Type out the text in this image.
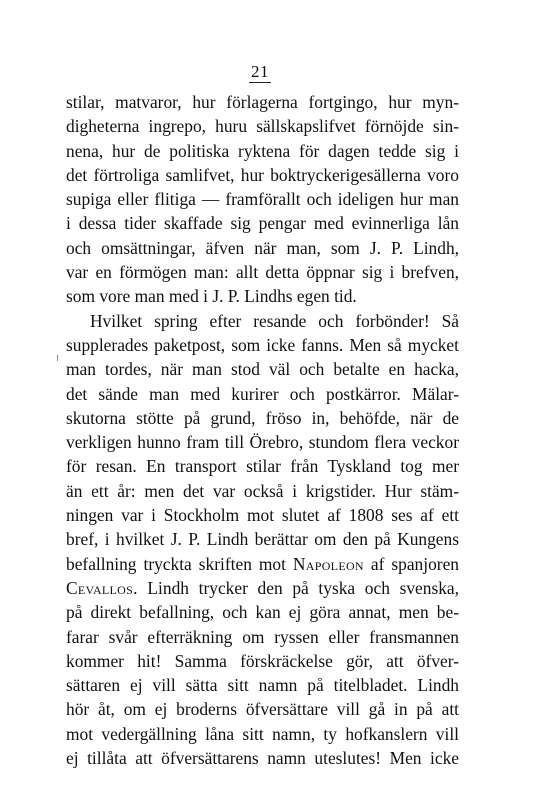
21
stilar, matvaror, hur förlagerna fortgingo, hur myn-
digheterna ingrepo, huru sällskapslifvet förnöjde sin-
nena, hur de politiska ryktena för dagen tedde sig i
det förtroliga samlifvet, hur boktryckerigesällerna voro
supiga eller flitiga — framförallt och ideligen hur man
i dessa tider skaffade sig pengar med evinnerliga lån
och omsättningar, äfven när man, som J. P. Lindh,
var en förmögen man: allt detta öppnar sig i brefven,
som vore man med i J. P. Lindhs egen tid.
Hvilket spring efter resande och forbönder! Så
supplerades paketpost, som icke fanns. Men så mycket
man tordes, när man stod väl och betalte en hacka,
det sände man med kurirer och postkärror. Mälar-
skutorna stötte på grund, fröso in, behöfde, när de
verkligen hunno fram till Örebro, stundom flera veckor
för resan. En transport stilar från Tyskland tog mer
än ett år: men det var också i krigstider. Hur stäm-
ningen var i Stockholm mot slutet af 1808 ses af ett
bref, i hvilket J. P. Lindh berättar om den på Kungens
befallning tryckta skriften mot Napoleon af spanjoren
Cevallos. Lindh trycker den på tyska och svenska,
på direkt befallning, och kan ej göra annat, men be-
farar svår efterräkning om ryssen eller fransmannen
kommer hit! Samma förskräckelse gör, att öfver-
sättaren ej vill sätta sitt namn på titelbladet. Lindh
hör åt, om ej broderns öfversättare vill gå in på att
mot vedergällning låna sitt namn, ty hofkanslern vill
ej tillåta att öfversättarens namn uteslutes! Men icke
